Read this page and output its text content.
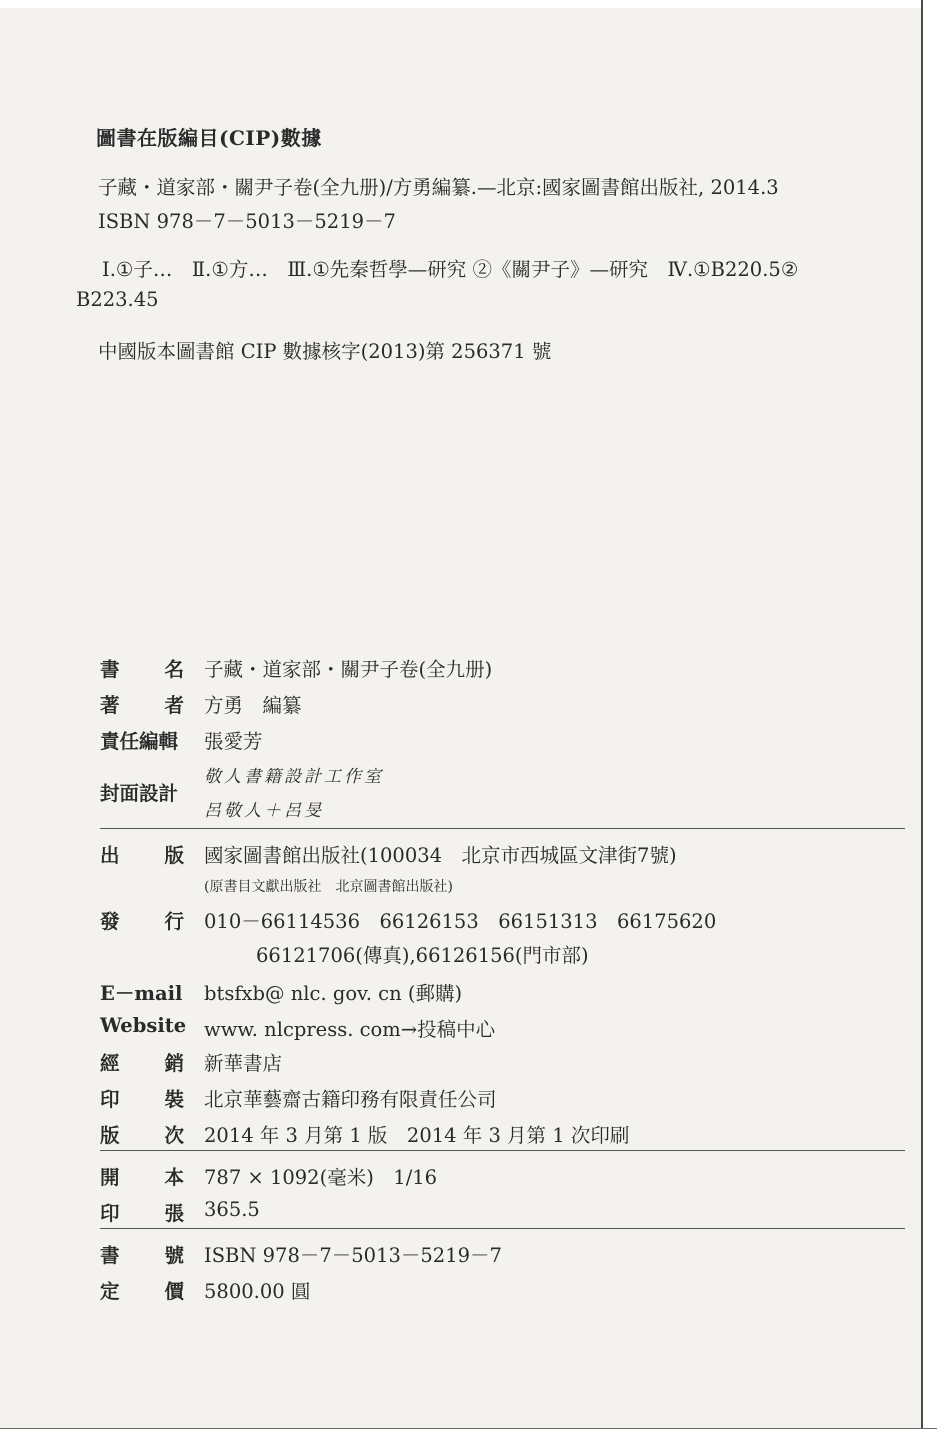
圖書在版編目(CIP)數據
子藏・道家部・關尹子卷(全九册)/方勇編纂.—北京:國家圖書館出版社, 2014.3
ISBN 978－7－5013－5219－7
Ⅰ.①子…　Ⅱ.①方…　Ⅲ.①先秦哲學—研究 ②《關尹子》—研究　Ⅳ.①B220.5②
B223.45
中國版本圖書館 CIP 數據核字(2013)第 256371 號
書 名 子藏・道家部・關尹子卷(全九册)
著 者 方勇　編纂
責任編輯	張愛芳
封面設計
敬人書籍設計工作室
呂敬人＋呂旻
出 版 國家圖書館出版社(100034　北京市西城區文津街7號)
(原書目文獻出版社　北京圖書館出版社)
發 行 010－66114536　66126153　66151313　66175620
66121706(傳真),66126156(門市部)
E－mail btsfxb@ nlc. gov. cn (郵購)
Website www. nlcpress. com→投稿中心
經 銷 新華書店
印 裝 北京華藝齋古籍印務有限責任公司
版 次 2014 年 3 月第 1 版　2014 年 3 月第 1 次印刷
開 本 787 × 1092(毫米)　1/16
印 張 365.5
書 號 ISBN 978－7－5013－5219－7
定 價 5800.00 圓
